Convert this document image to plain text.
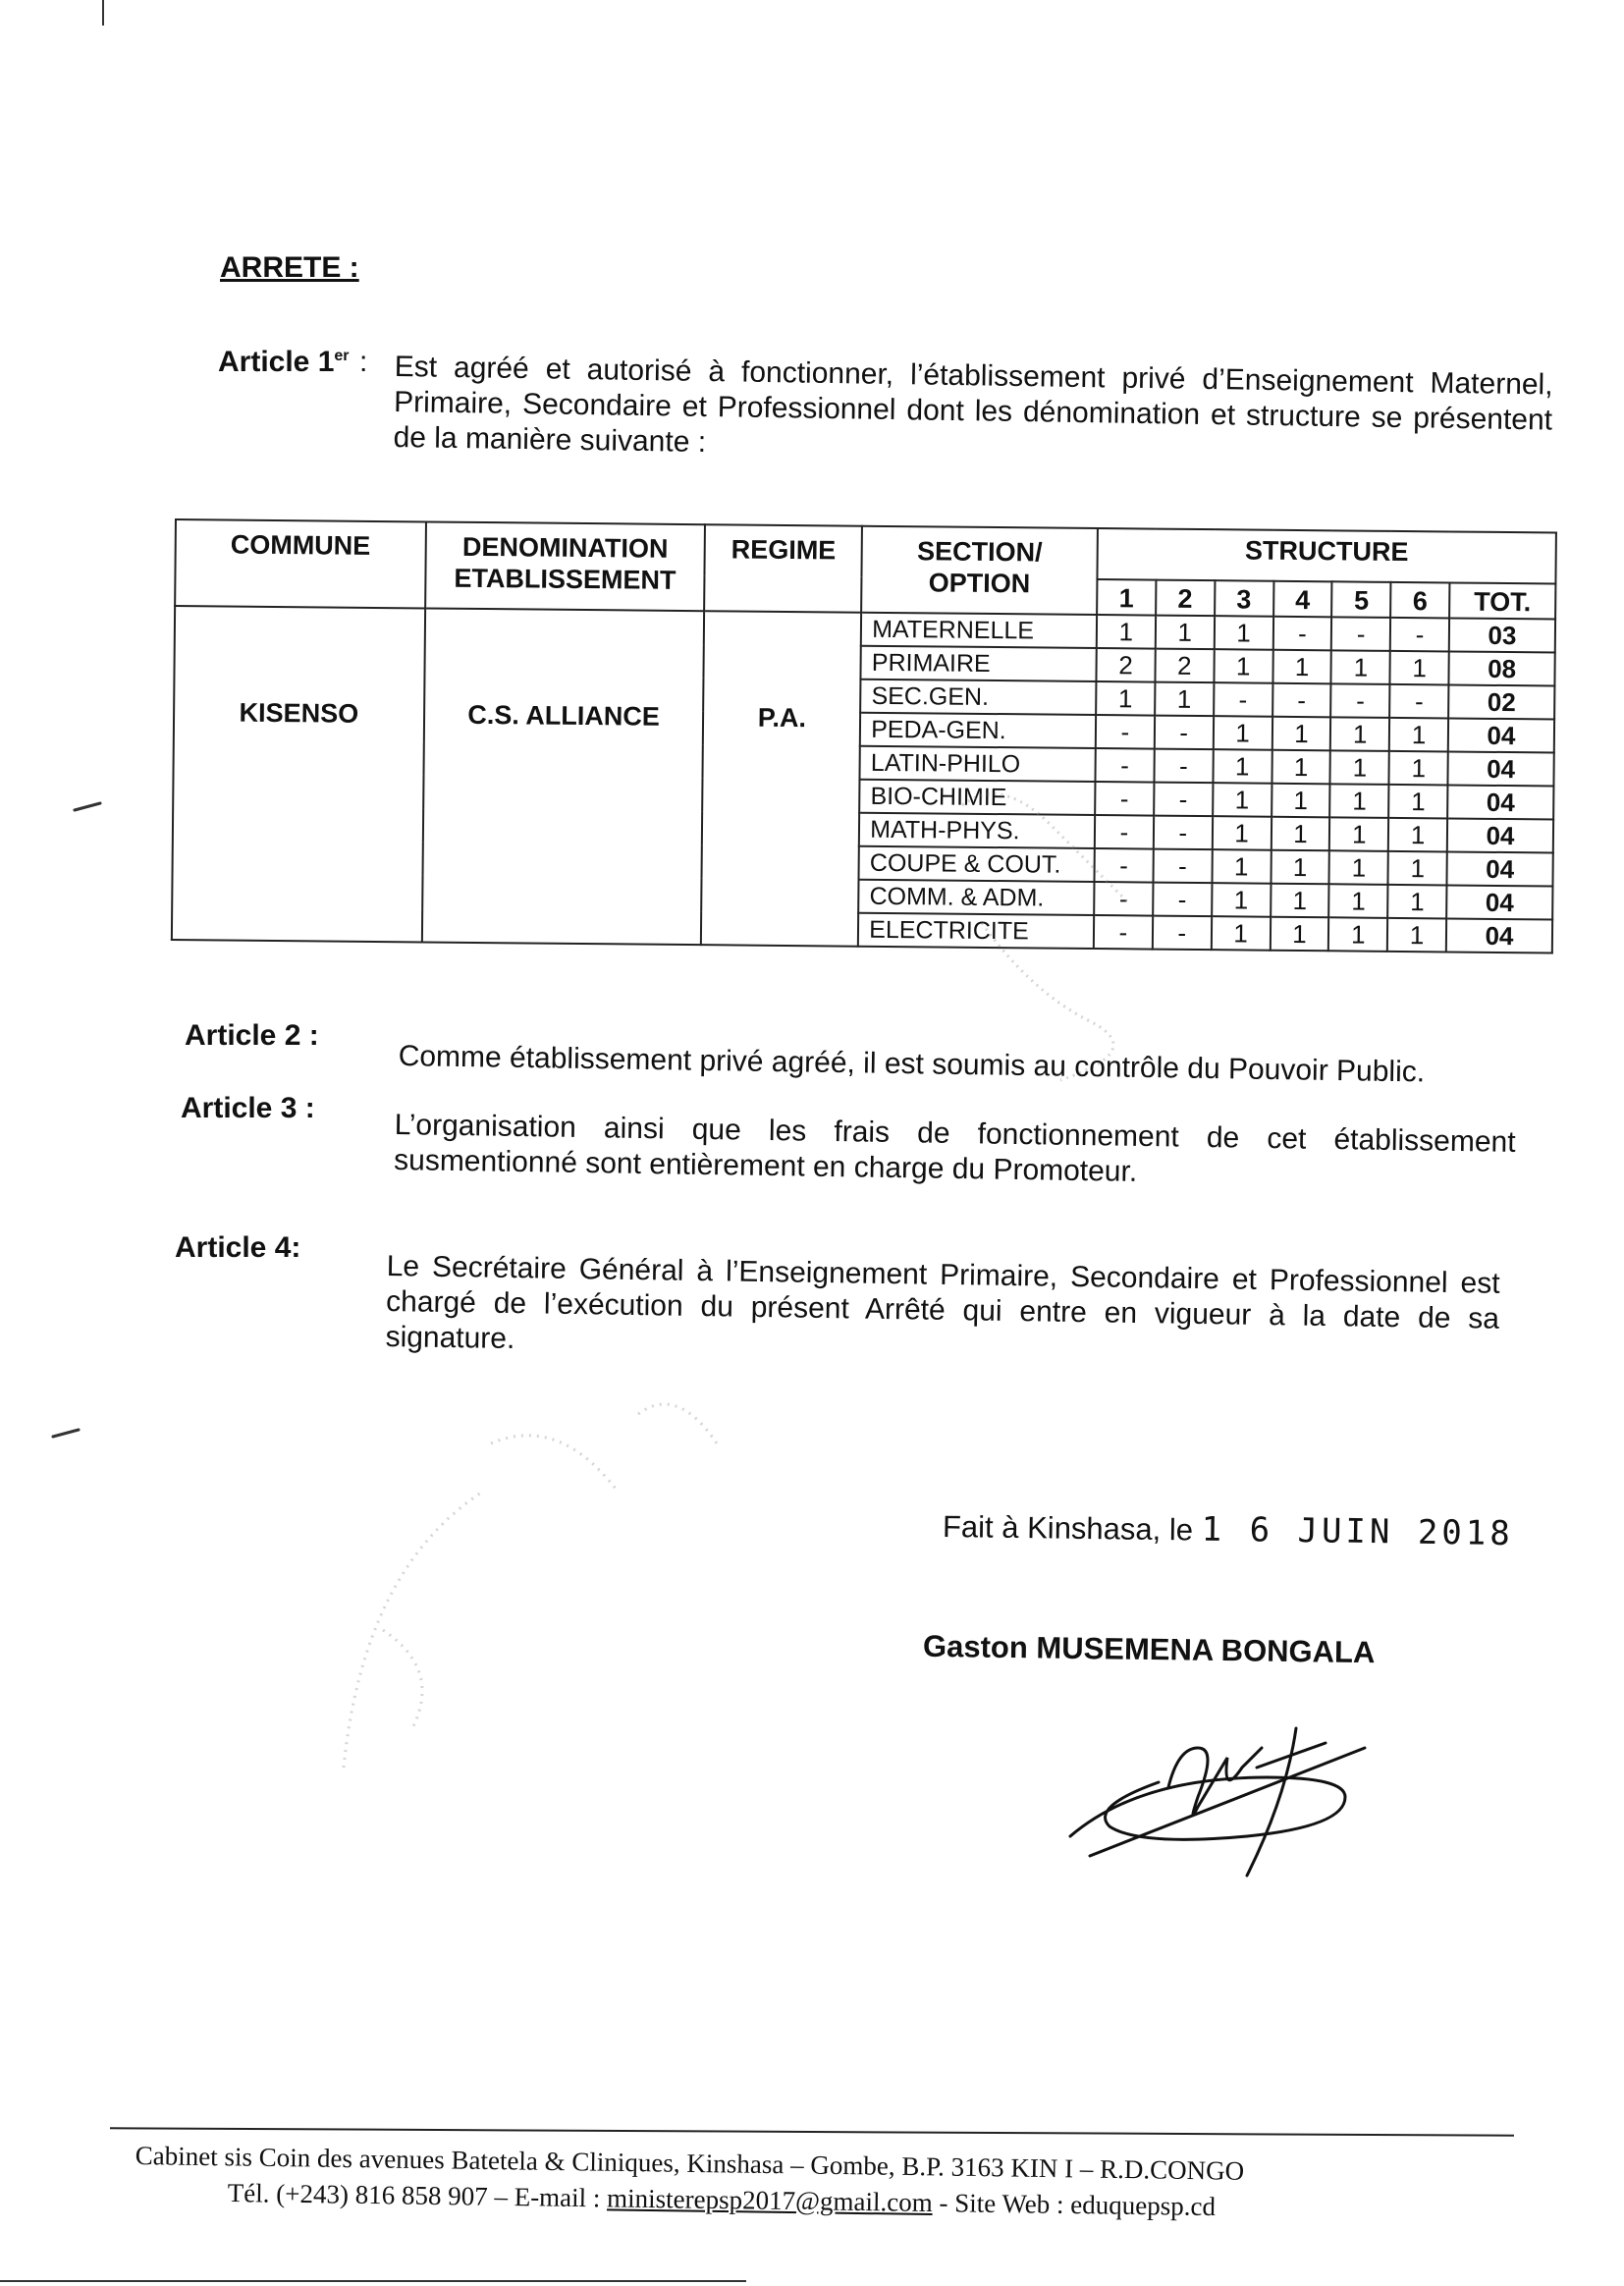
ARRETE :
Article 1er : Est agréé et autorisé à fonctionner, l’établissement privé d’Enseignement Maternel, Primaire, Secondaire et Professionnel dont les dénomination et structure se présentent de la manière suivante :
COMMUNE	DENOMINATION ETABLISSEMENT	REGIME	SECTION/ OPTION	STRUCTURE						
				1	2	3	4	5	6	TOT.
KISENSO	C.S. ALLIANCE	P.A.	MATERNELLE	1	1	1	-	-	-	03
			PRIMAIRE	2	2	1	1	1	1	08
			SEC.GEN.	1	1	-	-	-	-	02
			PEDA-GEN.	-	-	1	1	1	1	04
			LATIN-PHILO	-	-	1	1	1	1	04
			BIO-CHIMIE	-	-	1	1	1	1	04
			MATH-PHYS.	-	-	1	1	1	1	04
			COUPE & COUT.	-	-	1	1	1	1	04
			COMM. & ADM.	-	-	1	1	1	1	04
			ELECTRICITE	-	-	1	1	1	1	04
Article 2 :
Comme établissement privé agréé, il est soumis au contrôle du Pouvoir Public.
Article 3 :
L’organisation ainsi que les frais de fonctionnement de cet établissement susmentionné sont entièrement en charge du Promoteur.
Article 4:
Le Secrétaire Général à l’Enseignement Primaire, Secondaire et Professionnel est chargé de l’exécution du présent Arrêté qui entre en vigueur à la date de sa signature.
Fait à Kinshasa, le 1 6 JUIN 2018
Gaston MUSEMENA BONGALA
Cabinet sis Coin des avenues Batetela & Cliniques, Kinshasa – Gombe, B.P. 3163 KIN I – R.D.CONGO
Tél. (+243) 816 858 907 – E-mail : ministerepsp2017@gmail.com - Site Web : eduquepsp.cd
